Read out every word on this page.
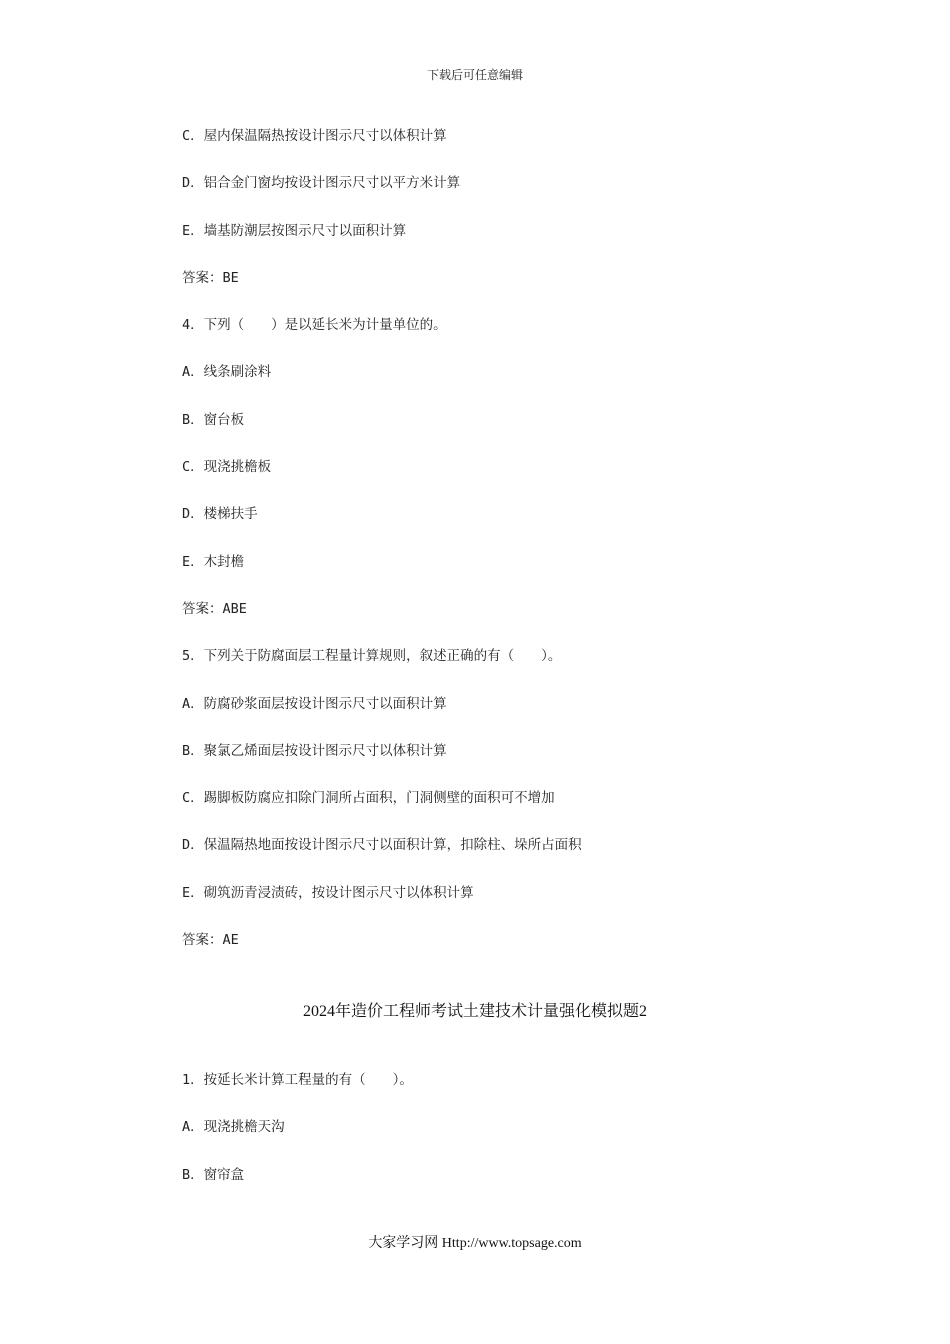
下载后可任意编辑
C．屋内保温隔热按设计图示尺寸以体积计算
D．铝合金门窗均按设计图示尺寸以平方米计算
E．墙基防潮层按图示尺寸以面积计算
答案：BE
4．下列（　　）是以延长米为计量单位的。
A．线条刷涂料
B．窗台板
C．现浇挑檐板
D．楼梯扶手
E．木封檐
答案：ABE
5．下列关于防腐面层工程量计算规则，叙述正确的有（　　）。
A．防腐砂浆面层按设计图示尺寸以面积计算
B．聚氯乙烯面层按设计图示尺寸以体积计算
C．踢脚板防腐应扣除门洞所占面积，门洞侧壁的面积可不增加
D．保温隔热地面按设计图示尺寸以面积计算，扣除柱、垛所占面积
E．砌筑沥青浸渍砖，按设计图示尺寸以体积计算
答案：AE
2024年造价工程师考试土建技术计量强化模拟题2
1．按延长米计算工程量的有（　　）。
A．现浇挑檐天沟
B．窗帘盒
大家学习网 Http://www.topsage.com
